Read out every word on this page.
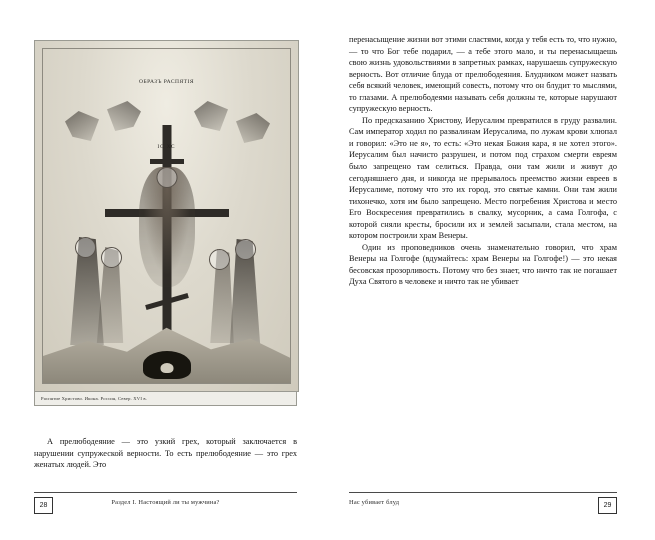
ОБРАЗЪ РАСПЯТІЯ
ІС ХС
Распятие Христово. Икона. Россия, Север. XVI в.
А прелюбодеяние — это узкий грех, который заключается в нарушении супружеской верности. То есть прелюбодеяние — это грех женатых людей. Это

перенасыщение жизни вот этими сластями, когда у тебя есть то, что нужно, — то что Бог тебе подарил, — а тебе этого мало, и ты перенасыщаешь свою жизнь удовольствиями в запретных рамках, нарушаешь супружескую верность. Вот отличие блуда от прелюбодеяния. Блудником может назвать себя всякий человек, имеющий совесть, потому что он блудит то мыслями, то глазами. А прелюбодеями называть себя должны те, которые нарушают супружескую верность.

По предсказанию Христову, Иерусалим превратился в груду развалин. Сам император ходил по развалинам Иерусалима, по лужам крови хлюпал и говорил: «Это не я», то есть: «Это некая Божия кара, я не хотел этого». Иерусалим был начисто разрушен, и потом под страхом смерти евреям было запрещено там селиться. Правда, они там жили и живут до сегодняшнего дня, и никогда не прерывалось преемство жизни евреев в Иерусалиме, потому что это их город, это святые камни. Они там жили тихонечко, хотя им было запрещено. Место погребения Христова и место Его Воскресения превратились в свалку, мусорник, а сама Голгофа, с которой сняли кресты, бросили их и землей засыпали, стала местом, на котором построили храм Венеры.

Один из проповедников очень знаменательно говорил, что храм Венеры на Голгофе (вдумайтесь: храм Венеры на Голгофе!) — это некая бесовская прозорливость. Потому что без знает, что ничто так не погашает Духа Святого в человеке и ничто так не убивает

28	Раздел I. Настоящий ли ты мужчина?	Нас убивает блуд	29
